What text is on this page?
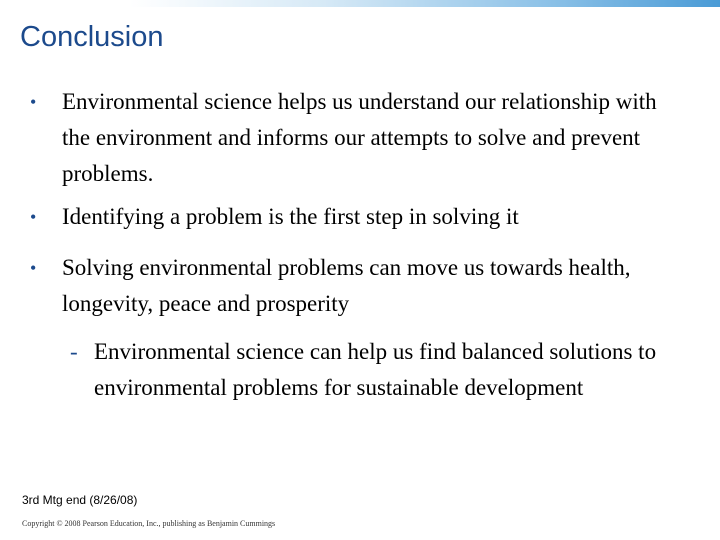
Conclusion
• Environmental science helps us understand our relationship with the environment and informs our attempts to solve and prevent problems.
• Identifying a problem is the first step in solving it
• Solving environmental problems can move us towards health, longevity, peace and prosperity
- Environmental science can help us find balanced solutions to environmental problems for sustainable development
3rd Mtg end (8/26/08)
Copyright © 2008 Pearson Education, Inc., publishing as Benjamin Cummings
